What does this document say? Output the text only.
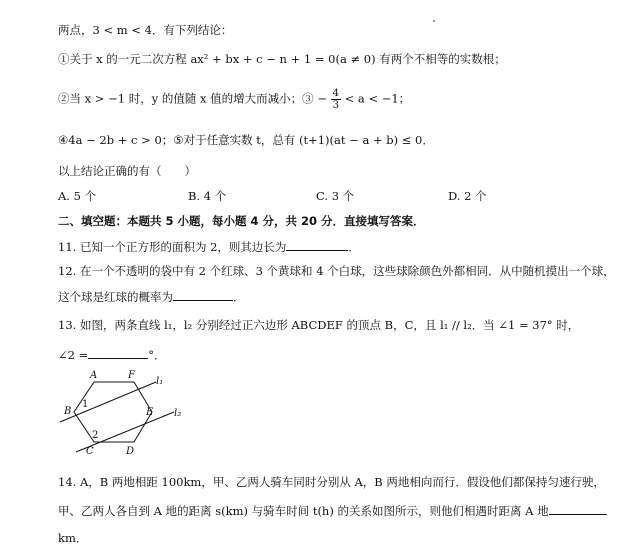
两点，3 < m < 4．有下列结论：
①关于 x 的一元二次方程 ax² + bx + c − n + 1 = 0(a ≠ 0) 有两个不相等的实数根；
②当 x > −1 时，y 的值随 x 值的增大而减小；③ − $\frac{4}{3} < a < -1$；
④4a − 2b + c > 0；⑤对于任意实数 t，总有 (t+1)(at − a + b) ≤ 0．
以上结论正确的有（　　）
A. 5 个	B. 4 个	C. 3 个	D. 2 个
二、填空题：本题共 5 小题，每小题 4 分，共 20 分．直接填写答案．
11. 已知一个正方形的面积为 2，则其边长为	．
12. 在一个不透明的袋中有 2 个红球、3 个黄球和 4 个白球，这些球除颜色外都相同．从中随机摸出一个球，
这个球是红球的概率为	．
13. 如图，两条直线 l₁，l₂ 分别经过正六边形 ABCDEF 的顶点 B，C，且 l₁ // l₂．当 ∠1 = 37° 时，
∠2 =	°．
A	F
B	E
C	D
l₁
l₂
1
2
14. A，B 两地相距 100km，甲、乙两人骑车同时分别从 A，B 两地相向而行．假设他们都保持匀速行驶，
甲、乙两人各自到 A 地的距离 s(km) 与骑车时间 t(h) 的关系如图所示，则他们相遇时距离 A 地
km．
